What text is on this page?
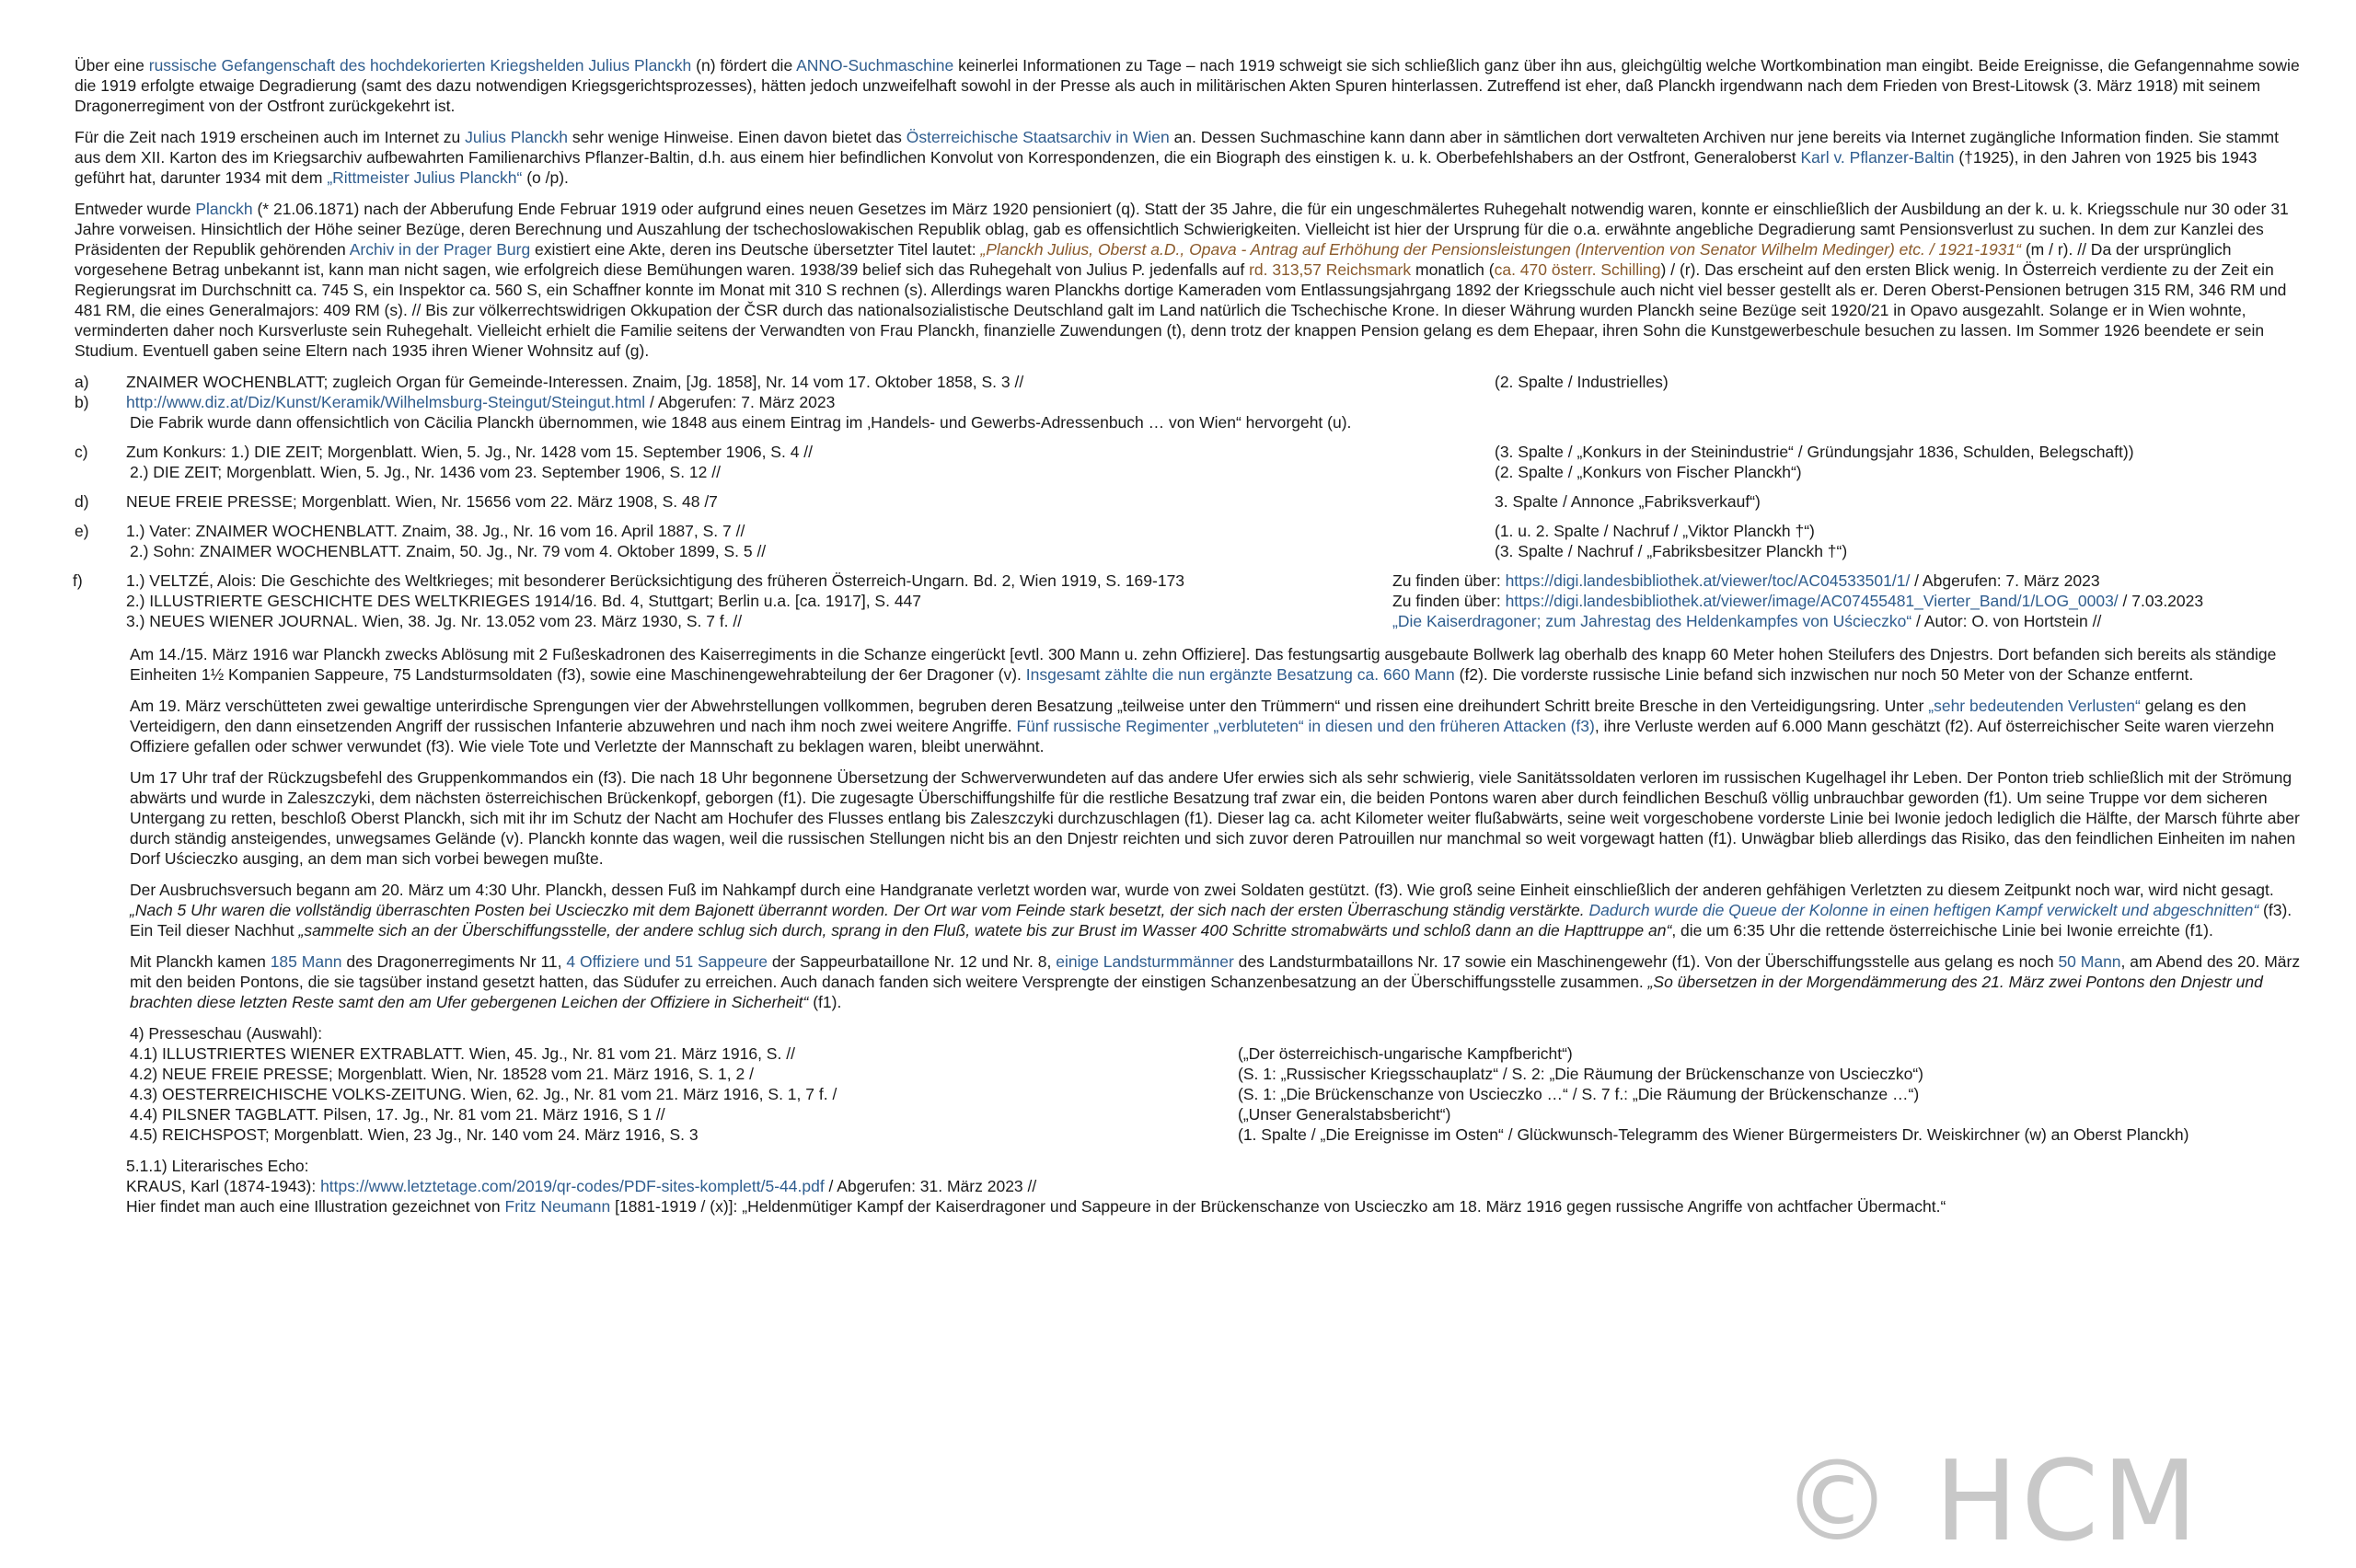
Über eine russische Gefangenschaft des hochdekorierten Kriegshelden Julius Planckh (n) fördert die ANNO-Suchmaschine keinerlei Informationen zu Tage – nach 1919 schweigt sie sich schließlich ganz über ihn aus, gleichgültig welche Wortkombination man eingibt. Beide Ereignisse, die Gefangennahme sowie die 1919 erfolgte etwaige Degradierung (samt des dazu notwendigen Kriegsgerichtsprozesses), hätten jedoch unzweifelhaft sowohl in der Presse als auch in militärischen Akten Spuren hinterlassen. Zutreffend ist eher, daß Planckh irgendwann nach dem Frieden von Brest-Litowsk (3. März 1918) mit seinem Dragonerregiment von der Ostfront zurückgekehrt ist.

Für die Zeit nach 1919 erscheinen auch im Internet zu Julius Planckh sehr wenige Hinweise. Einen davon bietet das Österreichische Staatsarchiv in Wien an. Dessen Suchmaschine kann dann aber in sämtlichen dort verwalteten Archiven nur jene bereits via Internet zugängliche Information finden. Sie stammt aus dem XII. Karton des im Kriegsarchiv aufbewahrten Familienarchivs Pflanzer-Baltin, d.h. aus einem hier befindlichen Konvolut von Korrespondenzen, die ein Biograph des einstigen k. u. k. Oberbefehlshabers an der Ostfront, Generaloberst Karl v. Pflanzer-Baltin (†1925), in den Jahren von 1925 bis 1943 geführt hat, darunter 1934 mit dem „Rittmeister Julius Planckh“ (o /p).

Entweder wurde Planckh (* 21.06.1871) nach der Abberufung Ende Februar 1919 oder aufgrund eines neuen Gesetzes im März 1920 pensioniert (q). Statt der 35 Jahre, die für ein ungeschmälertes Ruhegehalt notwendig waren, konnte er einschließlich der Ausbildung an der k. u. k. Kriegsschule nur 30 oder 31 Jahre vorweisen. Hinsichtlich der Höhe seiner Bezüge, deren Berechnung und Auszahlung der tschechoslowakischen Republik oblag, gab es offensichtlich Schwierigkeiten. Vielleicht ist hier der Ursprung für die o.a. erwähnte angebliche Degradierung samt Pensionsverlust zu suchen. In dem zur Kanzlei des Präsidenten der Republik gehörenden Archiv in der Prager Burg existiert eine Akte, deren ins Deutsche übersetzter Titel lautet: „Planckh Julius, Oberst a.D., Opava - Antrag auf Erhöhung der Pensionsleistungen (Intervention von Senator Wilhelm Medinger) etc. / 1921-1931“ (m / r). // Da der ursprünglich vorgesehene Betrag unbekannt ist, kann man nicht sagen, wie erfolgreich diese Bemühungen waren. 1938/39 belief sich das Ruhegehalt von Julius P. jedenfalls auf rd. 313,57 Reichsmark monatlich (ca. 470 österr. Schilling) / (r). Das erscheint auf den ersten Blick wenig. In Österreich verdiente zu der Zeit ein Regierungsrat im Durchschnitt ca. 745 S, ein Inspektor ca. 560 S, ein Schaffner konnte im Monat mit 310 S rechnen (s). Allerdings waren Planckhs dortige Kameraden vom Entlassungsjahrgang 1892 der Kriegsschule auch nicht viel besser gestellt als er. Deren Oberst-Pensionen betrugen 315 RM, 346 RM und 481 RM, die eines Generalmajors: 409 RM (s). // Bis zur völkerrechtswidrigen Okkupation der ČSR durch das nationalsozialistische Deutschland galt im Land natürlich die Tschechische Krone. In dieser Währung wurden Planckh seine Bezüge seit 1920/21 in Opavo ausgezahlt. Solange er in Wien wohnte, verminderten daher noch Kursverluste sein Ruhegehalt. Vielleicht erhielt die Familie seitens der Verwandten von Frau Planckh, finanzielle Zuwendungen (t), denn trotz der knappen Pension gelang es dem Ehepaar, ihren Sohn die Kunstgewerbeschule besuchen zu lassen. Im Sommer 1926 beendete er sein Studium. Eventuell gaben seine Eltern nach 1935 ihren Wiener Wohnsitz auf (g).

a)	ZNAIMER WOCHENBLATT; zugleich Organ für Gemeinde-Interessen. Znaim, [Jg. 1858], Nr. 14 vom 17. Oktober 1858, S. 3 //	(2. Spalte / Industrielles)
b)	http://www.diz.at/Diz/Kunst/Keramik/Wilhelmsburg-Steingut/Steingut.html / Abgerufen: 7. März 2023
Die Fabrik wurde dann offensichtlich von Cäcilia Planckh übernommen, wie 1848 aus einem Eintrag im ‚Handels- und Gewerbs-Adressenbuch … von Wien“ hervorgeht (u).
c)	Zum Konkurs: 1.) DIE ZEIT; Morgenblatt. Wien, 5. Jg., Nr. 1428 vom 15. September 1906, S. 4 //	(3. Spalte / „Konkurs in der Steinindustrie“ / Gründungsjahr 1836, Schulden, Belegschaft))
2.) DIE ZEIT; Morgenblatt. Wien, 5. Jg., Nr. 1436 vom 23. September 1906, S. 12 //	(2. Spalte / „Konkurs von Fischer Planckh“)
d)	NEUE FREIE PRESSE; Morgenblatt. Wien, Nr. 15656 vom 22. März 1908, S. 48 /7	3. Spalte / Annonce „Fabriksverkauf“)
e)	1.) Vater: ZNAIMER WOCHENBLATT. Znaim, 38. Jg., Nr. 16 vom 16. April 1887, S. 7 //	(1. u. 2. Spalte / Nachruf / „Viktor Planckh †“)
2.) Sohn: ZNAIMER WOCHENBLATT. Znaim, 50. Jg., Nr. 79 vom 4. Oktober 1899, S. 5 //	(3. Spalte / Nachruf / „Fabriksbesitzer Planckh †“)
f)	1.) VELTZÉ, Alois: Die Geschichte des Weltkrieges; mit besonderer Berücksichtigung des früheren Österreich-Ungarn. Bd. 2, Wien 1919, S. 169-173	Zu finden über: https://digi.landesbibliothek.at/viewer/toc/AC04533501/1/ / Abgerufen: 7. März 2023
2.) ILLUSTRIERTE GESCHICHTE DES WELTKRIEGES 1914/16. Bd. 4, Stuttgart; Berlin u.a. [ca. 1917], S. 447	Zu finden über: https://digi.landesbibliothek.at/viewer/image/AC07455481_Vierter_Band/1/LOG_0003/ / 7.03.2023
3.) NEUES WIENER JOURNAL. Wien, 38. Jg. Nr. 13.052 vom 23. März 1930, S. 7 f. //	„Die Kaiserdragoner; zum Jahrestag des Heldenkampfes von Uścieczko“ / Autor: O. von Hortstein //

Am 14./15. März 1916 war Planckh zwecks Ablösung mit 2 Fußeskadronen des Kaiserregiments in die Schanze eingerückt [evtl. 300 Mann u. zehn Offiziere]. Das festungsartig ausgebaute Bollwerk lag oberhalb des knapp 60 Meter hohen Steilufers des Dnjestrs. Dort befanden sich bereits als ständige Einheiten 1½ Kompanien Sappeure, 75 Landsturmsoldaten (f3), sowie eine Maschinengewehrabteilung der 6er Dragoner (v). Insgesamt zählte die nun ergänzte Besatzung ca. 660 Mann (f2). Die vorderste russische Linie befand sich inzwischen nur noch 50 Meter von der Schanze entfernt.

Am 19. März verschütteten zwei gewaltige unterirdische Sprengungen vier der Abwehrstellungen vollkommen, begruben deren Besatzung „teilweise unter den Trümmern“ und rissen eine dreihundert Schritt breite Bresche in den Verteidigungsring. Unter „sehr bedeutenden Verlusten“ gelang es den Verteidigern, den dann einsetzenden Angriff der russischen Infanterie abzuwehren und nach ihm noch zwei weitere Angriffe. Fünf russische Regimenter „verbluteten“ in diesen und den früheren Attacken (f3), ihre Verluste werden auf 6.000 Mann geschätzt (f2). Auf österreichischer Seite waren vierzehn Offiziere gefallen oder schwer verwundet (f3). Wie viele Tote und Verletzte der Mannschaft zu beklagen waren, bleibt unerwähnt.

Um 17 Uhr traf der Rückzugsbefehl des Gruppenkommandos ein (f3). Die nach 18 Uhr begonnene Übersetzung der Schwerverwundeten auf das andere Ufer erwies sich als sehr schwierig, viele Sanitätssoldaten verloren im russischen Kugelhagel ihr Leben. Der Ponton trieb schließlich mit der Strömung abwärts und wurde in Zaleszczyki, dem nächsten österreichischen Brückenkopf, geborgen (f1). Die zugesagte Überschiffungshilfe für die restliche Besatzung traf zwar ein, die beiden Pontons waren aber durch feindlichen Beschuß völlig unbrauchbar geworden (f1). Um seine Truppe vor dem sicheren Untergang zu retten, beschloß Oberst Planckh, sich mit ihr im Schutz der Nacht am Hochufer des Flusses entlang bis Zaleszczyki durchzuschlagen (f1). Dieser lag ca. acht Kilometer weiter flußabwärts, seine weit vorgeschobene vorderste Linie bei Iwonie jedoch lediglich die Hälfte, der Marsch führte aber durch ständig ansteigendes, unwegsames Gelände (v). Planckh konnte das wagen, weil die russischen Stellungen nicht bis an den Dnjestr reichten und sich zuvor deren Patrouillen nur manchmal so weit vorgewagt hatten (f1). Unwägbar blieb allerdings das Risiko, das den feindlichen Einheiten im nahen Dorf Uścieczko ausging, an dem man sich vorbei bewegen mußte.

Der Ausbruchsversuch begann am 20. März um 4:30 Uhr. Planckh, dessen Fuß im Nahkampf durch eine Handgranate verletzt worden war, wurde von zwei Soldaten gestützt. (f3). Wie groß seine Einheit einschließlich der anderen gehfähigen Verletzten zu diesem Zeitpunkt noch war, wird nicht gesagt. „Nach 5 Uhr waren die vollständig überraschten Posten bei Uscieczko mit dem Bajonett überrannt worden. Der Ort war vom Feinde stark besetzt, der sich nach der ersten Überraschung ständig verstärkte. Dadurch wurde die Queue der Kolonne in einen heftigen Kampf verwickelt und abgeschnitten“ (f3). Ein Teil dieser Nachhut „sammelte sich an der Überschiffungsstelle, der andere schlug sich durch, sprang in den Fluß, watete bis zur Brust im Wasser 400 Schritte stromabwärts und schloß dann an die Hapttruppe an“, die um 6:35 Uhr die rettende österreichische Linie bei Iwonie erreichte (f1).

Mit Planckh kamen 185 Mann des Dragonerregiments Nr 11, 4 Offiziere und 51 Sappeure der Sappeurbataillone Nr. 12 und Nr. 8, einige Landsturmmänner des Landsturmbataillons Nr. 17 sowie ein Maschinengewehr (f1). Von der Überschiffungsstelle aus gelang es noch 50 Mann, am Abend des 20. März mit den beiden Pontons, die sie tagsüber instand gesetzt hatten, das Südufer zu erreichen. Auch danach fanden sich weitere Versprengte der einstigen Schanzenbesatzung an der Überschiffungsstelle zusammen. „So übersetzen in der Morgendämmerung des 21. März zwei Pontons den Dnjestr und brachten diese letzten Reste samt den am Ufer gebergenen Leichen der Offiziere in Sicherheit“ (f1).

4) Presseschau (Auswahl):
4.1) ILLUSTRIERTES WIENER EXTRABLATT. Wien, 45. Jg., Nr. 81 vom 21. März 1916, S. //	(„Der österreichisch-ungarische Kampfbericht“)
4.2) NEUE FREIE PRESSE; Morgenblatt. Wien, Nr. 18528 vom 21. März 1916, S. 1, 2 /	(S. 1: „Russischer Kriegsschauplatz“ / S. 2: „Die Räumung der Brückenschanze von Uscieczko“)
4.3) OESTERREICHISCHE VOLKS-ZEITUNG. Wien, 62. Jg., Nr. 81 vom 21. März 1916, S. 1, 7 f. /	(S. 1: „Die Brückenschanze von Uscieczko …“ / S. 7 f.: „Die Räumung der Brückenschanze …“)
4.4) PILSNER TAGBLATT. Pilsen, 17. Jg., Nr. 81 vom 21. März 1916, S 1 //	(„Unser Generalstabsbericht“)
4.5) REICHSPOST; Morgenblatt. Wien, 23 Jg., Nr. 140 vom 24. März 1916, S. 3	(1. Spalte / „Die Ereignisse im Osten“ / Glückwunsch-Telegramm des Wiener Bürgermeisters Dr. Weiskirchner (w) an Oberst Planckh)
5.1.1) Literarisches Echo:
KRAUS, Karl (1874-1943): https://www.letztetage.com/2019/qr-codes/PDF-sites-komplett/5-44.pdf / Abgerufen: 31. März 2023 //
Hier findet man auch eine Illustration gezeichnet von Fritz Neumann [1881-1919 / (x)]: „Heldenmütiger Kampf der Kaiserdragoner und Sappeure in der Brückenschanze von Uscieczko am 18. März 1916 gegen russische Angriffe von achtfacher Übermacht.“
© HCM
